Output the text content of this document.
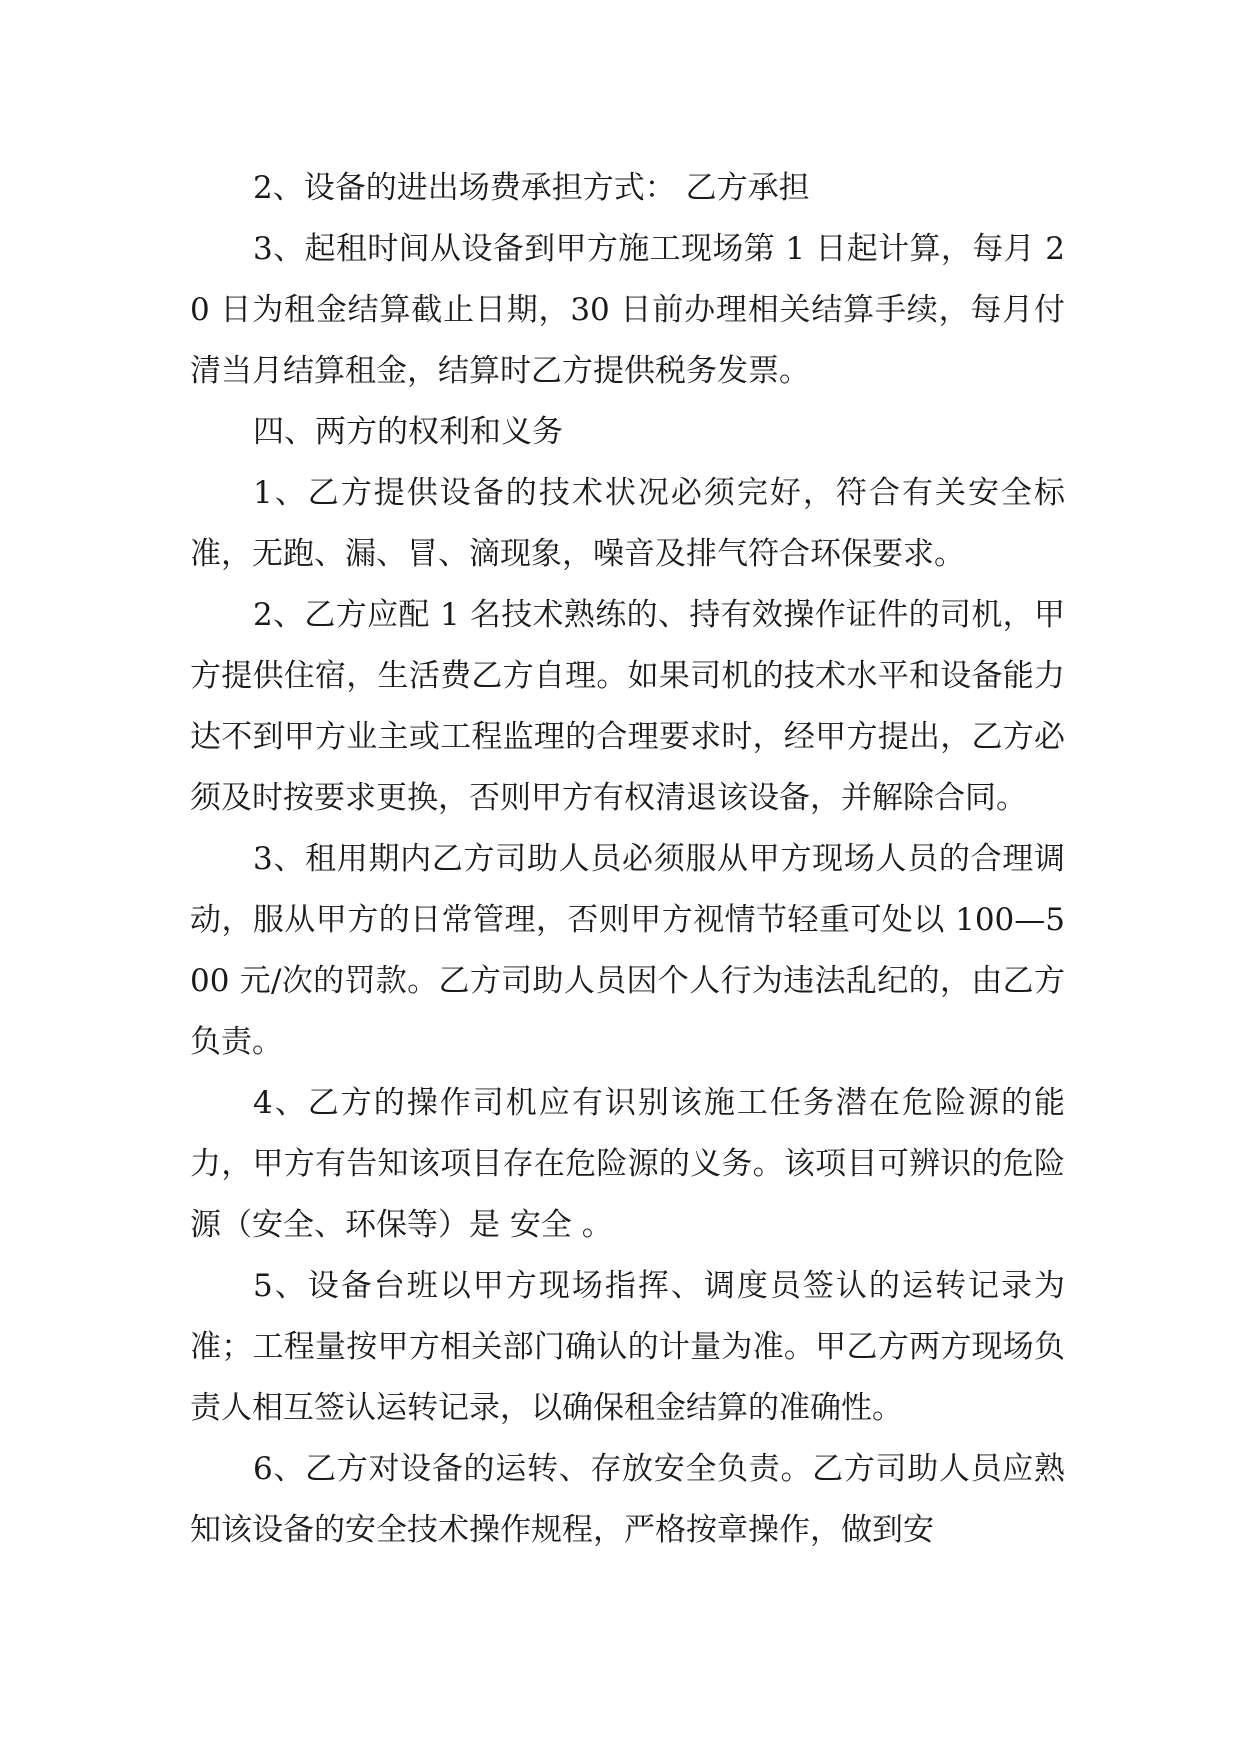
2、设备的进出场费承担方式： 乙方承担

3、起租时间从设备到甲方施工现场第 1 日起计算，每月 20 日为租金结算截止日期，30 日前办理相关结算手续，每月付清当月结算租金，结算时乙方提供税务发票。

四、两方的权利和义务

1、乙方提供设备的技术状况必须完好，符合有关安全标准，无跑、漏、冒、滴现象，噪音及排气符合环保要求。

2、乙方应配 1 名技术熟练的、持有效操作证件的司机，甲方提供住宿，生活费乙方自理。如果司机的技术水平和设备能力达不到甲方业主或工程监理的合理要求时，经甲方提出，乙方必须及时按要求更换，否则甲方有权清退该设备，并解除合同。

3、租用期内乙方司助人员必须服从甲方现场人员的合理调动，服从甲方的日常管理，否则甲方视情节轻重可处以 100—500 元/次的罚款。乙方司助人员因个人行为违法乱纪的，由乙方负责。

4、乙方的操作司机应有识别该施工任务潜在危险源的能力，甲方有告知该项目存在危险源的义务。该项目可辨识的危险源（安全、环保等）是 安全 。

5、设备台班以甲方现场指挥、调度员签认的运转记录为准；工程量按甲方相关部门确认的计量为准。甲乙方两方现场负责人相互签认运转记录，以确保租金结算的准确性。

6、乙方对设备的运转、存放安全负责。乙方司助人员应熟知该设备的安全技术操作规程，严格按章操作，做到安
